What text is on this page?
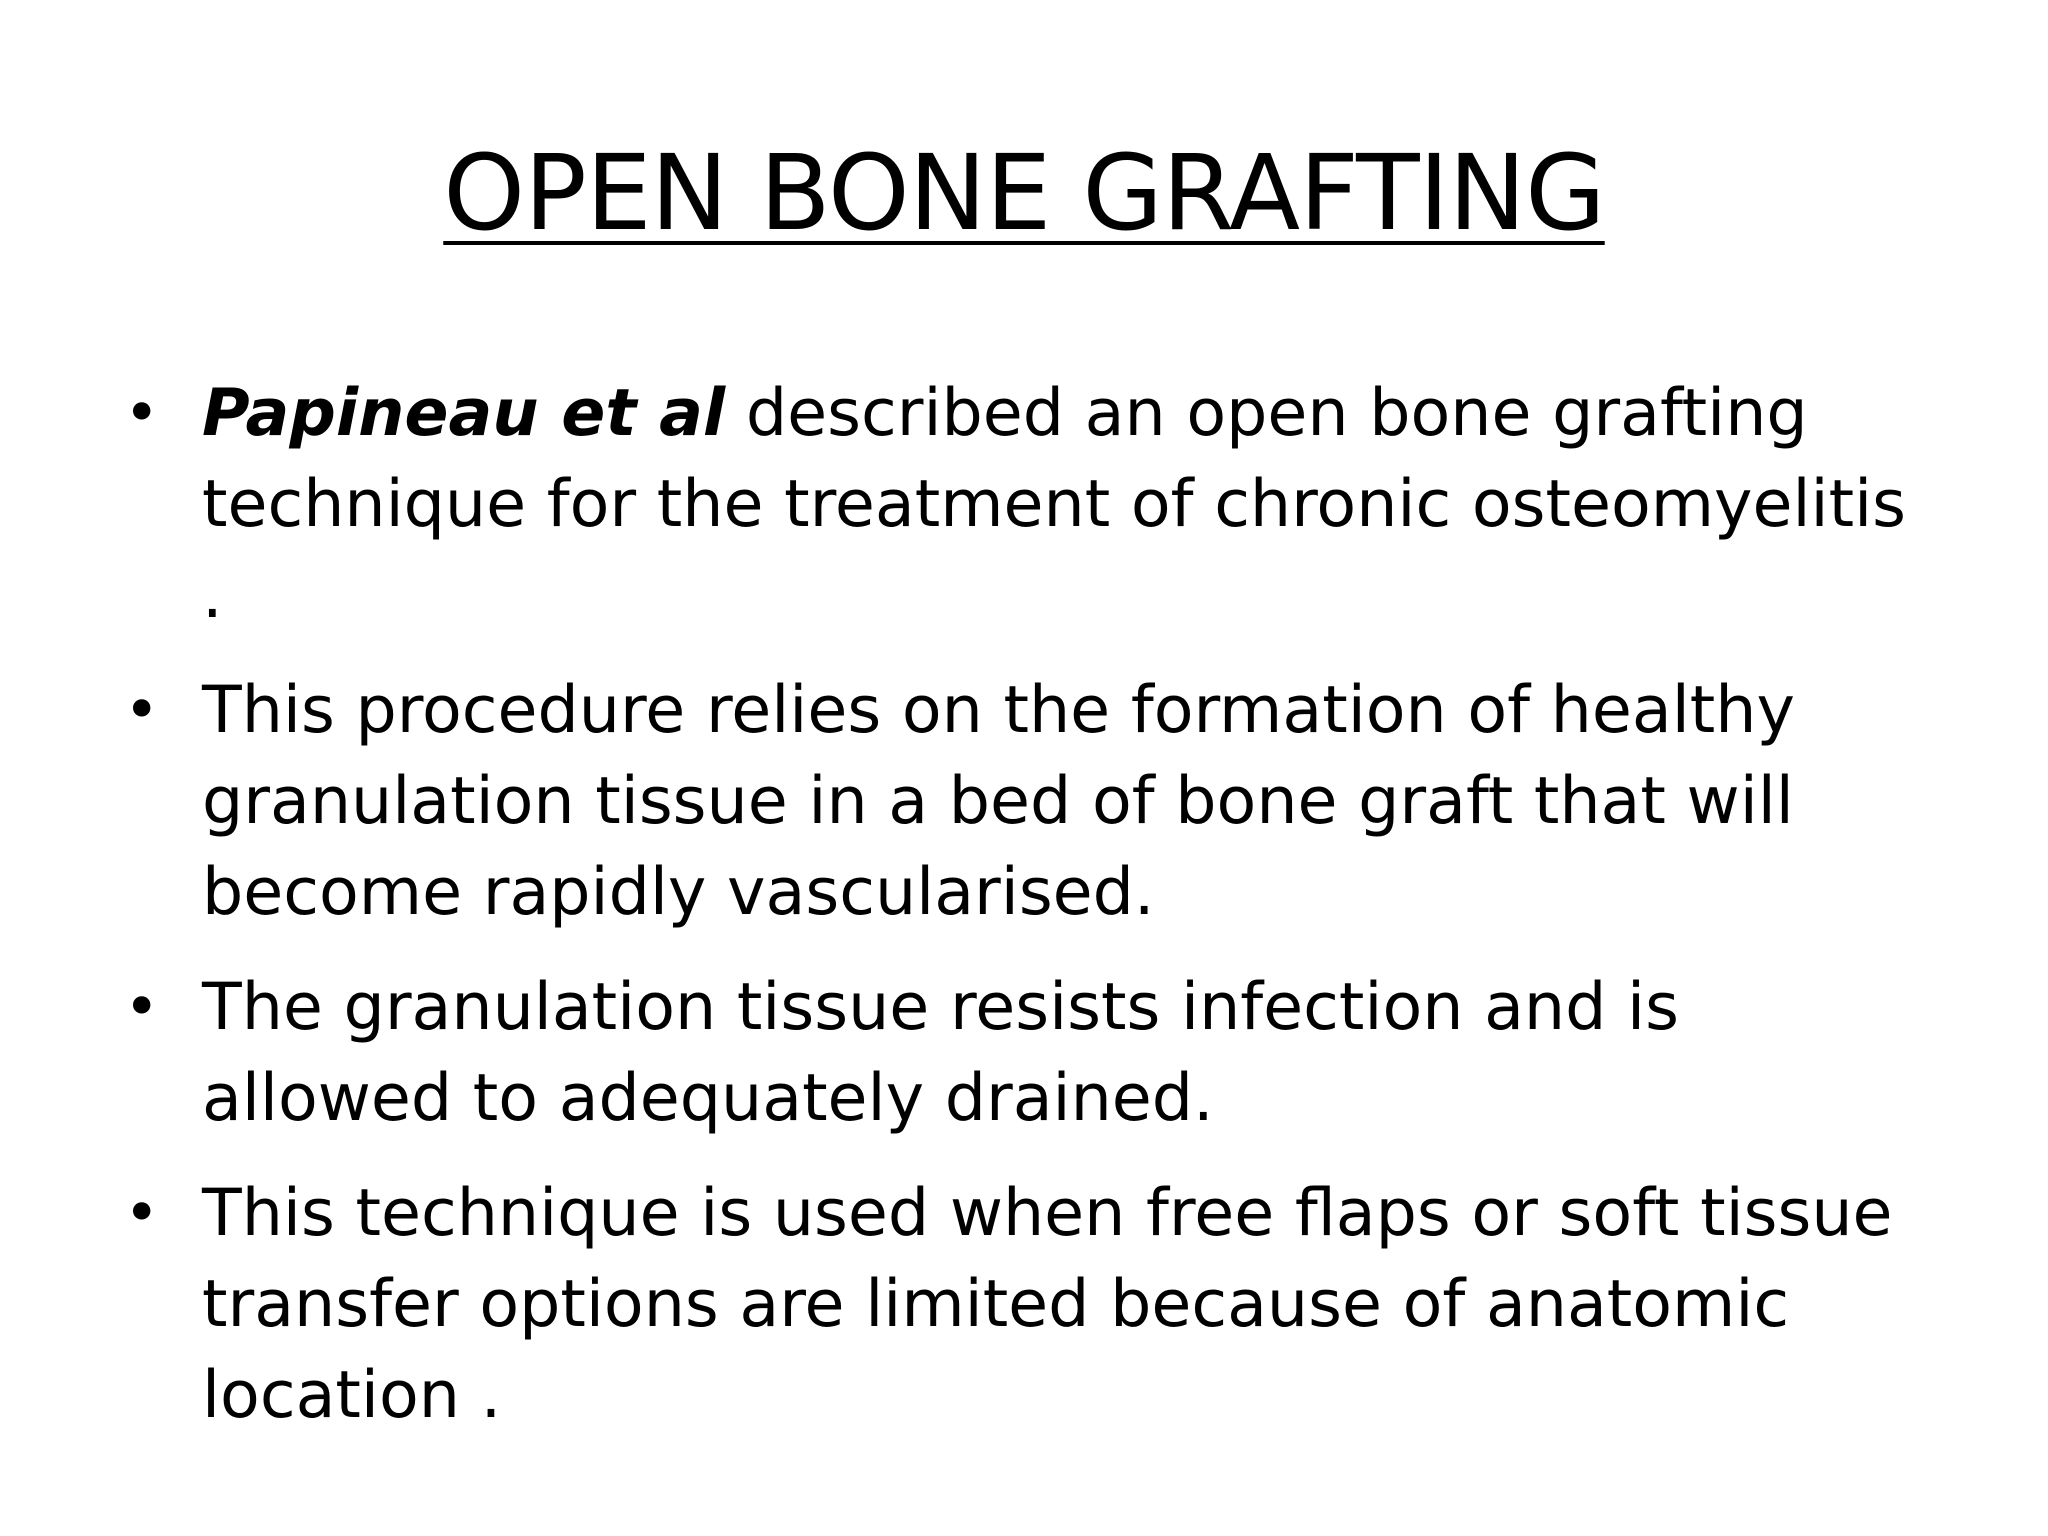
OPEN BONE GRAFTING
• Papineau et al described an open bone grafting technique for the treatment of chronic osteomyelitis .
• This procedure relies on the formation of healthy granulation tissue in a bed of bone graft that will become rapidly vascularised.
• The granulation tissue resists infection and is allowed to adequately drained.
• This technique is used when free flaps or soft tissue transfer options are limited because of anatomic location .
